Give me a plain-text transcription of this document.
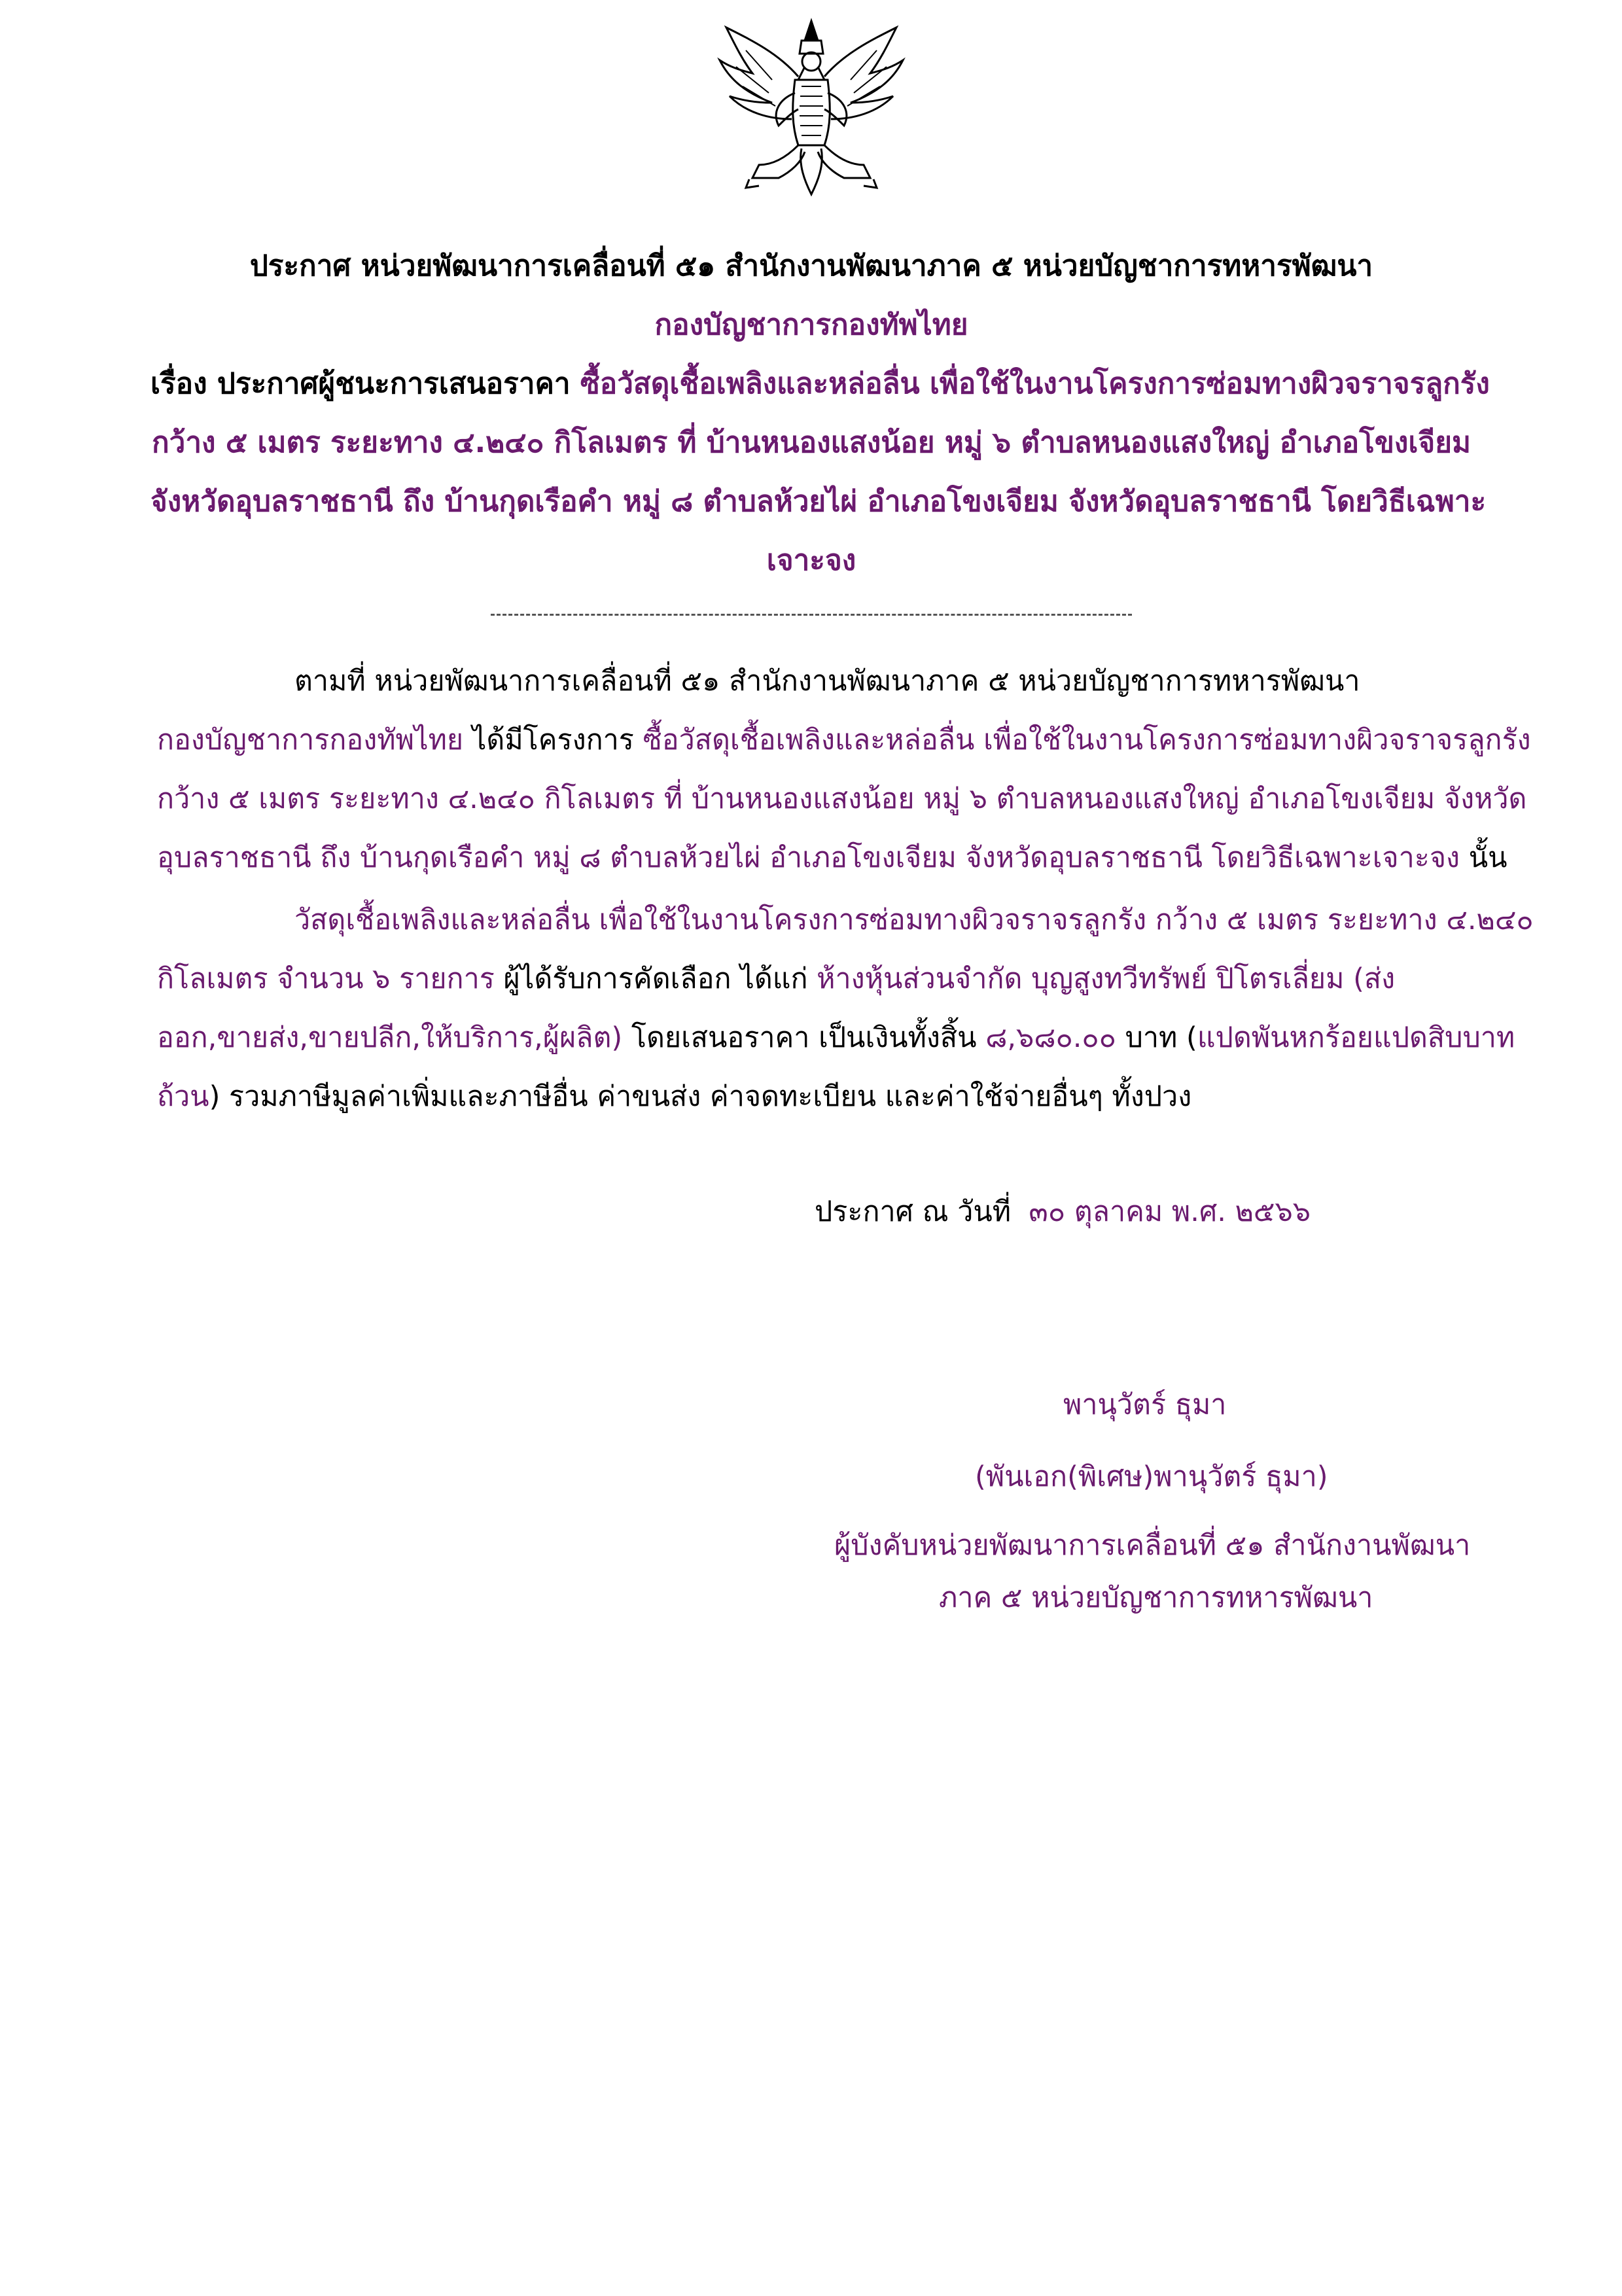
ประกาศ หน่วยพัฒนาการเคลื่อนที่ ๕๑ สำนักงานพัฒนาภาค ๕ หน่วยบัญชาการทหารพัฒนา
กองบัญชาการกองทัพไทย
เรื่อง ประกาศผู้ชนะการเสนอราคา ซื้อวัสดุเชื้อเพลิงและหล่อลื่น เพื่อใช้ในงานโครงการซ่อมทางผิวจราจรลูกรัง
กว้าง ๕ เมตร ระยะทาง ๔.๒๔๐ กิโลเมตร ที่ บ้านหนองแสงน้อย หมู่ ๖ ตำบลหนองแสงใหญ่ อำเภอโขงเจียม
จังหวัดอุบลราชธานี ถึง บ้านกุดเรือคำ หมู่ ๘ ตำบลห้วยไผ่ อำเภอโขงเจียม จังหวัดอุบลราชธานี โดยวิธีเฉพาะ
เจาะจง
ตามที่ หน่วยพัฒนาการเคลื่อนที่ ๕๑ สำนักงานพัฒนาภาค ๕ หน่วยบัญชาการทหารพัฒนา
กองบัญชาการกองทัพไทย ได้มีโครงการ ซื้อวัสดุเชื้อเพลิงและหล่อลื่น เพื่อใช้ในงานโครงการซ่อมทางผิวจราจรลูกรัง
กว้าง ๕ เมตร ระยะทาง ๔.๒๔๐ กิโลเมตร ที่ บ้านหนองแสงน้อย หมู่ ๖ ตำบลหนองแสงใหญ่ อำเภอโขงเจียม จังหวัด
อุบลราชธานี ถึง บ้านกุดเรือคำ หมู่ ๘ ตำบลห้วยไผ่ อำเภอโขงเจียม จังหวัดอุบลราชธานี โดยวิธีเฉพาะเจาะจง นั้น
วัสดุเชื้อเพลิงและหล่อลื่น เพื่อใช้ในงานโครงการซ่อมทางผิวจราจรลูกรัง กว้าง ๕ เมตร ระยะทาง ๔.๒๔๐
กิโลเมตร จำนวน ๖ รายการ ผู้ได้รับการคัดเลือก ได้แก่ ห้างหุ้นส่วนจำกัด บุญสูงทวีทรัพย์ ปิโตรเลี่ยม (ส่ง
ออก,ขายส่ง,ขายปลีก,ให้บริการ,ผู้ผลิต) โดยเสนอราคา เป็นเงินทั้งสิ้น ๘,๖๘๐.๐๐ บาท (แปดพันหกร้อยแปดสิบบาท
ถ้วน) รวมภาษีมูลค่าเพิ่มและภาษีอื่น ค่าขนส่ง ค่าจดทะเบียน และค่าใช้จ่ายอื่นๆ ทั้งปวง
ประกาศ ณ วันที่ ๓๐ ตุลาคม พ.ศ. ๒๕๖๖
พานุวัตร์ ธุมา
(พันเอก(พิเศษ)พานุวัตร์ ธุมา)
ผู้บังคับหน่วยพัฒนาการเคลื่อนที่ ๕๑ สำนักงานพัฒนา
ภาค ๕ หน่วยบัญชาการทหารพัฒนา
